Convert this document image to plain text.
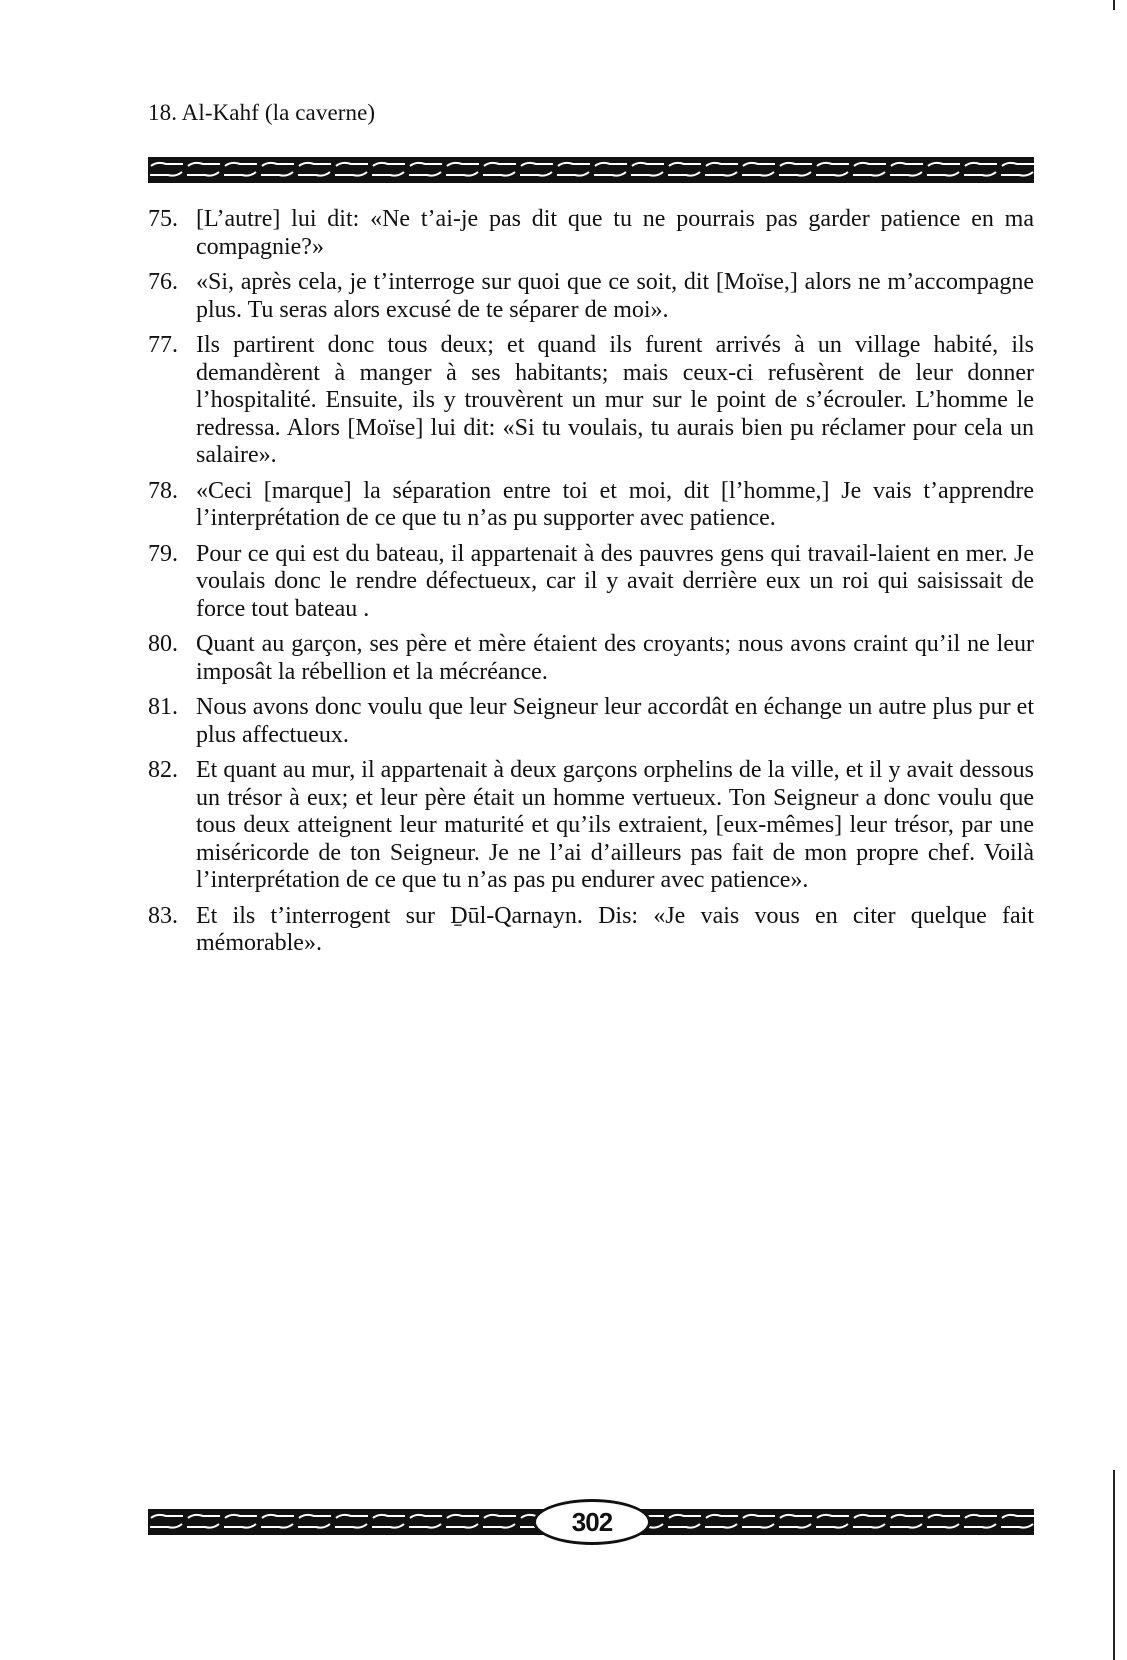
18. Al-Kahf (la caverne)
75. [L’autre] lui dit: «Ne t’ai-je pas dit que tu ne pourrais pas garder patience en ma compagnie?»
76. «Si, après cela, je t’interroge sur quoi que ce soit, dit [Moïse,] alors ne m’accompagne plus. Tu seras alors excusé de te séparer de moi».
77. Ils partirent donc tous deux; et quand ils furent arrivés à un village habité, ils demandèrent à manger à ses habitants; mais ceux-ci refusèrent de leur donner l’hospitalité. Ensuite, ils y trouvèrent un mur sur le point de s’écrouler. L’homme le redressa. Alors [Moïse] lui dit: «Si tu voulais, tu aurais bien pu réclamer pour cela un salaire».
78. «Ceci [marque] la séparation entre toi et moi, dit [l’homme,] Je vais t’apprendre l’interprétation de ce que tu n’as pu supporter avec patience.
79. Pour ce qui est du bateau, il appartenait à des pauvres gens qui travail-laient en mer. Je voulais donc le rendre défectueux, car il y avait derrière eux un roi qui saisissait de force tout bateau .
80. Quant au garçon, ses père et mère étaient des croyants; nous avons craint qu’il ne leur imposât la rébellion et la mécréance.
81. Nous avons donc voulu que leur Seigneur leur accordât en échange un autre plus pur et plus affectueux.
82. Et quant au mur, il appartenait à deux garçons orphelins de la ville, et il y avait dessous un trésor à eux; et leur père était un homme vertueux. Ton Seigneur a donc voulu que tous deux atteignent leur maturité et qu’ils extraient, [eux-mêmes] leur trésor, par une miséricorde de ton Seigneur. Je ne l’ai d’ailleurs pas fait de mon propre chef. Voilà l’interprétation de ce que tu n’as pas pu endurer avec patience».
83. Et ils t’interrogent sur Ḏūl-Qarnayn. Dis: «Je vais vous en citer quelque fait mémorable».
302
